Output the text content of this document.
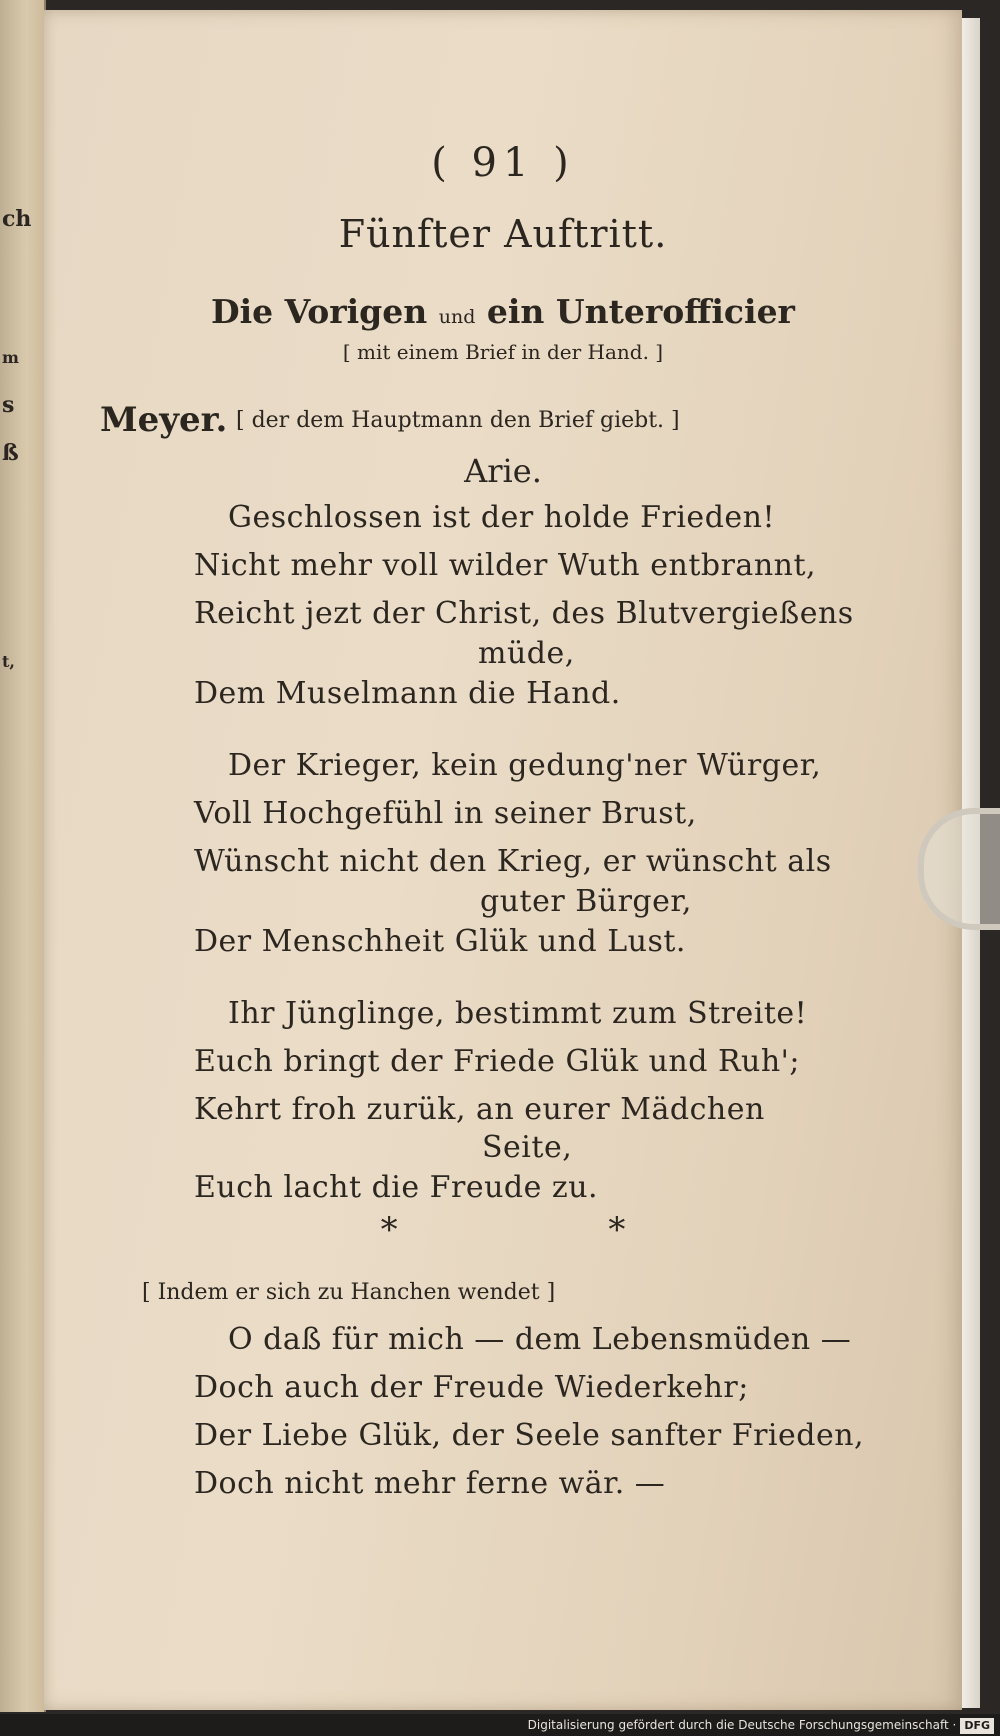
ch
m
s
ß
t,
( 91 )
Fünfter Auftritt.
Die Vorigen und ein Unterofficier
[ mit einem Brief in der Hand. ]
Meyer. [ der dem Hauptmann den Brief giebt. ]
Arie.
Geschlossen ist der holde Frieden!
Nicht mehr voll wilder Wuth entbrannt,
Reicht jezt der Christ, des Blutvergießens
müde,
Dem Muselmann die Hand.
Der Krieger, kein gedung'ner Würger,
Voll Hochgefühl in seiner Brust,
Wünscht nicht den Krieg, er wünscht als
guter Bürger,
Der Menschheit Glük und Lust.
Ihr Jünglinge, bestimmt zum Streite!
Euch bringt der Friede Glük und Ruh';
Kehrt froh zurük, an eurer Mädchen
Seite,
Euch lacht die Freude zu.
* *
[ Indem er sich zu Hanchen wendet ]
O daß für mich — dem Lebensmüden —
Doch auch der Freude Wiederkehr;
Der Liebe Glük, der Seele sanfter Frieden,
Doch nicht mehr ferne wär. —
Digitalisierung gefördert durch die Deutsche Forschungsgemeinschaft · DFG
